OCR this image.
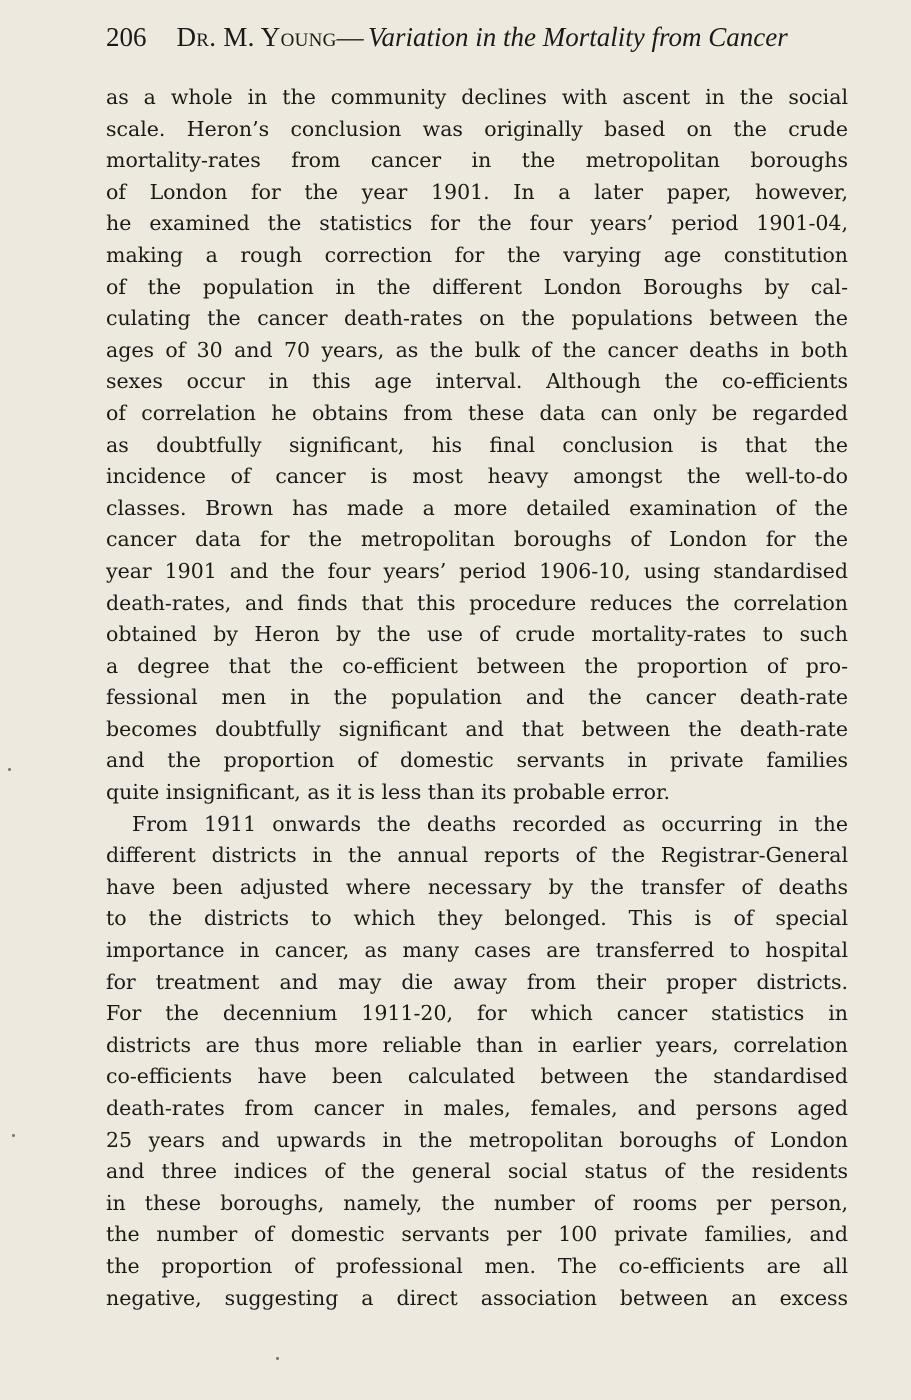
206 Dr. M. Young— Variation in the Mortality from Cancer
as a whole in the community declines with ascent in the social
scale. Heron’s conclusion was originally based on the crude
mortality-rates from cancer in the metropolitan boroughs
of London for the year 1901. In a later paper, however,
he examined the statistics for the four years’ period 1901-04,
making a rough correction for the varying age constitution
of the population in the different London Boroughs by cal-
culating the cancer death-rates on the populations between the
ages of 30 and 70 years, as the bulk of the cancer deaths in both
sexes occur in this age interval. Although the co-efficients
of correlation he obtains from these data can only be regarded
as doubtfully significant, his final conclusion is that the
incidence of cancer is most heavy amongst the well-to-do
classes. Brown has made a more detailed examination of the
cancer data for the metropolitan boroughs of London for the
year 1901 and the four years’ period 1906-10, using standardised
death-rates, and finds that this procedure reduces the correlation
obtained by Heron by the use of crude mortality-rates to such
a degree that the co-efficient between the proportion of pro-
fessional men in the population and the cancer death-rate
becomes doubtfully significant and that between the death-rate
and the proportion of domestic servants in private families
quite insignificant, as it is less than its probable error.
From 1911 onwards the deaths recorded as occurring in the
different districts in the annual reports of the Registrar-General
have been adjusted where necessary by the transfer of deaths
to the districts to which they belonged. This is of special
importance in cancer, as many cases are transferred to hospital
for treatment and may die away from their proper districts.
For the decennium 1911-20, for which cancer statistics in
districts are thus more reliable than in earlier years, correlation
co-efficients have been calculated between the standardised
death-rates from cancer in males, females, and persons aged
25 years and upwards in the metropolitan boroughs of London
and three indices of the general social status of the residents
in these boroughs, namely, the number of rooms per person,
the number of domestic servants per 100 private families, and
the proportion of professional men. The co-efficients are all
negative, suggesting a direct association between an excess
